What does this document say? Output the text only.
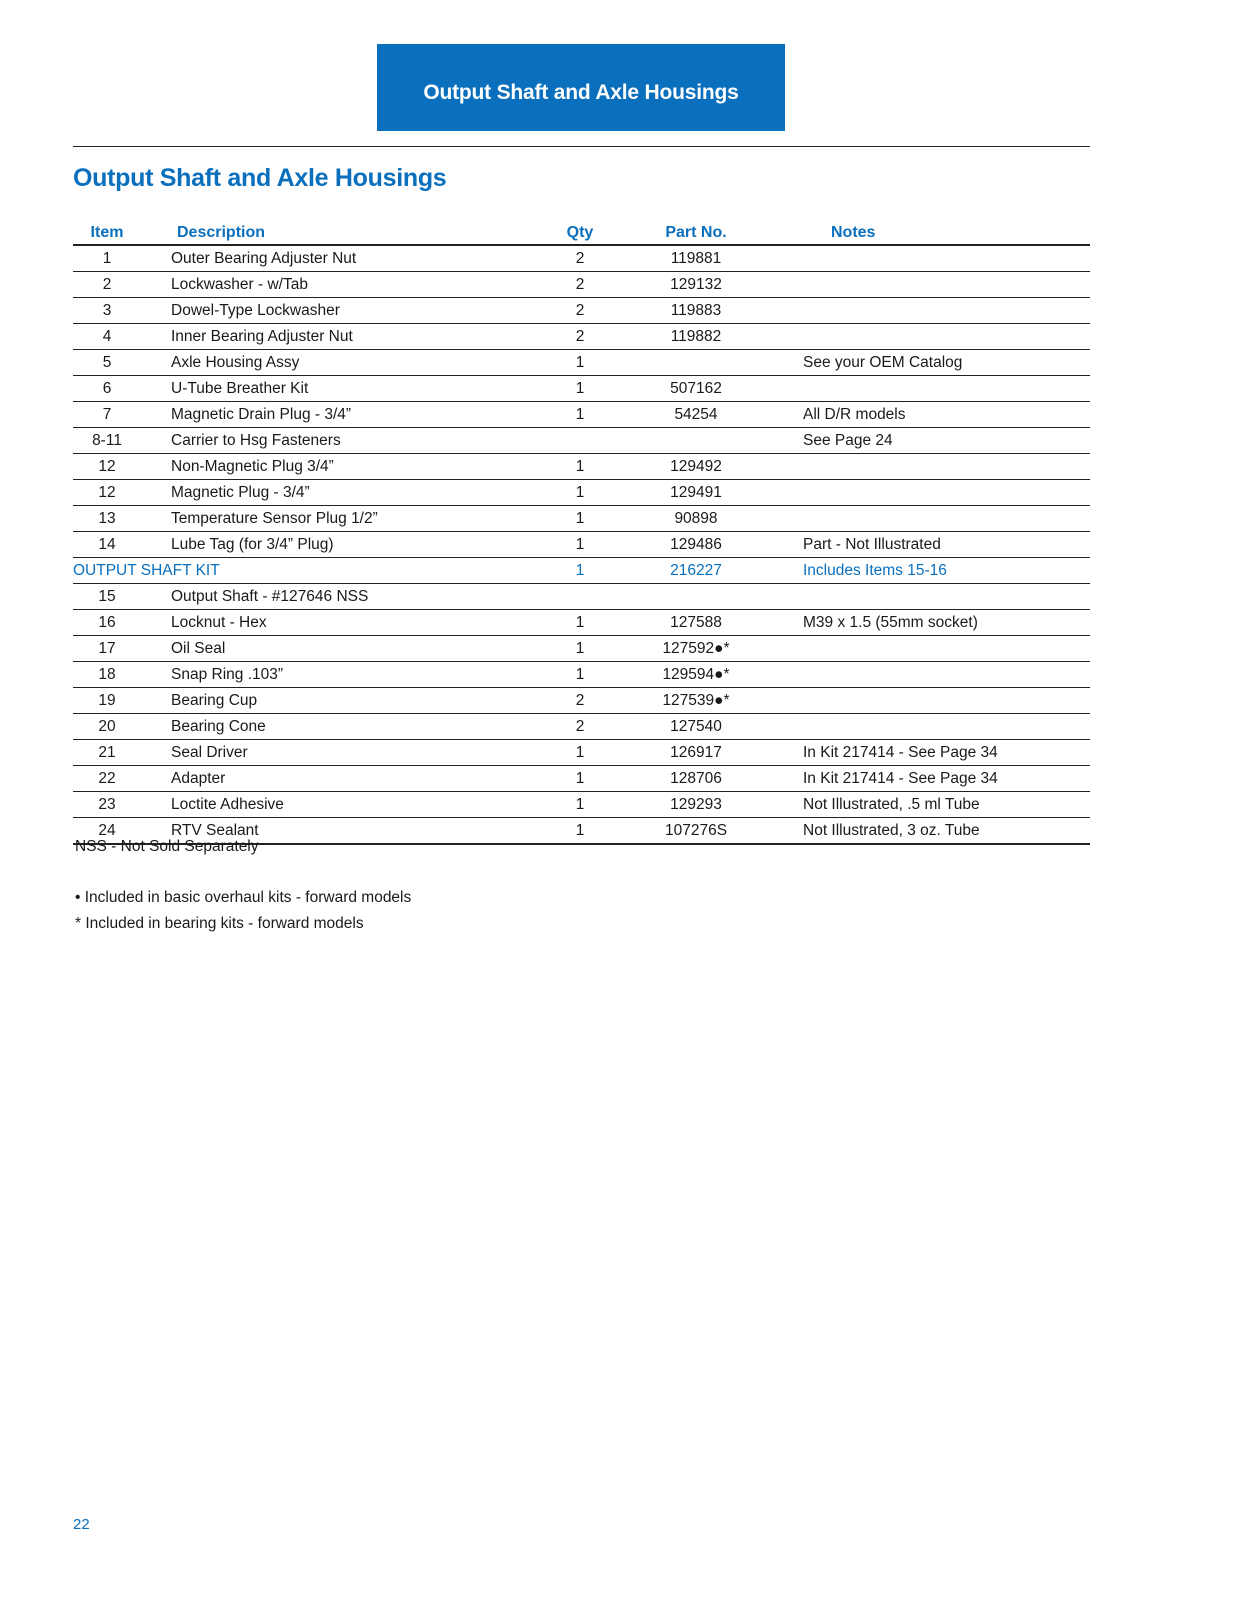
Output Shaft and Axle Housings
Output Shaft and Axle Housings
Item	Description	Qty	Part No.	Notes
1	Outer Bearing Adjuster Nut	2	119881	
2	Lockwasher - w/Tab	2	129132	
3	Dowel-Type Lockwasher	2	119883	
4	Inner Bearing Adjuster Nut	2	119882	
5	Axle Housing Assy	1		See your OEM Catalog
6	U-Tube Breather Kit	1	507162	
7	Magnetic Drain Plug - 3/4”	1	54254	All D/R models
8-11	Carrier to Hsg Fasteners			See Page 24
12	Non-Magnetic Plug 3/4”	1	129492	
12	Magnetic Plug - 3/4”	1	129491	
13	Temperature Sensor Plug 1/2”	1	90898	
14	Lube Tag (for 3/4” Plug)	1	129486	Part - Not Illustrated
OUTPUT SHAFT KIT		1	216227	Includes Items 15-16
15	Output Shaft - #127646 NSS			
16	Locknut - Hex	1	127588	M39 x 1.5 (55mm socket)
17	Oil Seal	1	127592●*	
18	Snap Ring .103”	1	129594●*	
19	Bearing Cup	2	127539●*	
20	Bearing Cone	2	127540	
21	Seal Driver	1	126917	In Kit 217414 - See Page 34
22	Adapter	1	128706	In Kit 217414 - See Page 34
23	Loctite Adhesive	1	129293	Not Illustrated, .5 ml Tube
24	RTV Sealant	1	107276S	Not Illustrated, 3 oz. Tube
NSS - Not Sold Separately
• Included in basic overhaul kits - forward models
* Included in bearing kits - forward models
22
